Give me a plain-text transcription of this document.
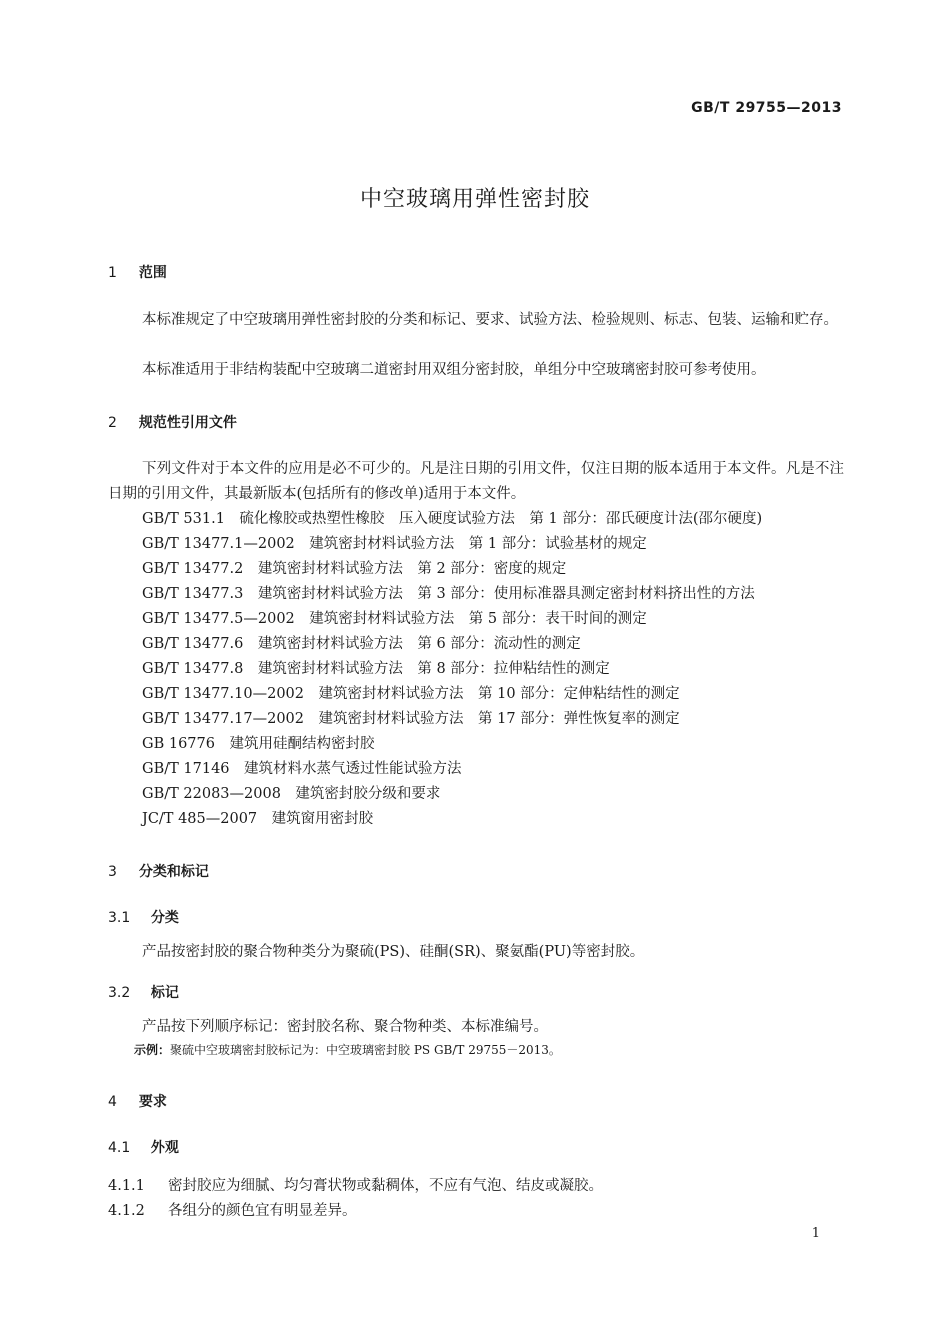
GB/T 29755—2013
中空玻璃用弹性密封胶
1 范围
本标准规定了中空玻璃用弹性密封胶的分类和标记、要求、试验方法、检验规则、标志、包装、运输和贮存。
本标准适用于非结构装配中空玻璃二道密封用双组分密封胶，单组分中空玻璃密封胶可参考使用。
2 规范性引用文件
下列文件对于本文件的应用是必不可少的。凡是注日期的引用文件，仅注日期的版本适用于本文件。凡是不注日期的引用文件，其最新版本(包括所有的修改单)适用于本文件。
GB/T 531.1　硫化橡胶或热塑性橡胶　压入硬度试验方法　第 1 部分：邵氏硬度计法(邵尔硬度)
GB/T 13477.1—2002　建筑密封材料试验方法　第 1 部分：试验基材的规定
GB/T 13477.2　建筑密封材料试验方法　第 2 部分：密度的规定
GB/T 13477.3　建筑密封材料试验方法　第 3 部分：使用标准器具测定密封材料挤出性的方法
GB/T 13477.5—2002　建筑密封材料试验方法　第 5 部分：表干时间的测定
GB/T 13477.6　建筑密封材料试验方法　第 6 部分：流动性的测定
GB/T 13477.8　建筑密封材料试验方法　第 8 部分：拉伸粘结性的测定
GB/T 13477.10—2002　建筑密封材料试验方法　第 10 部分：定伸粘结性的测定
GB/T 13477.17—2002　建筑密封材料试验方法　第 17 部分：弹性恢复率的测定
GB 16776　建筑用硅酮结构密封胶
GB/T 17146　建筑材料水蒸气透过性能试验方法
GB/T 22083—2008　建筑密封胶分级和要求
JC/T 485—2007　建筑窗用密封胶
3 分类和标记
3.1 分类
产品按密封胶的聚合物种类分为聚硫(PS)、硅酮(SR)、聚氨酯(PU)等密封胶。
3.2 标记
产品按下列顺序标记：密封胶名称、聚合物种类、本标准编号。
示例：聚硫中空玻璃密封胶标记为：中空玻璃密封胶 PS GB/T 29755－2013。
4 要求
4.1 外观
4.1.1 密封胶应为细腻、均匀膏状物或黏稠体，不应有气泡、结皮或凝胶。
4.1.2 各组分的颜色宜有明显差异。
1
